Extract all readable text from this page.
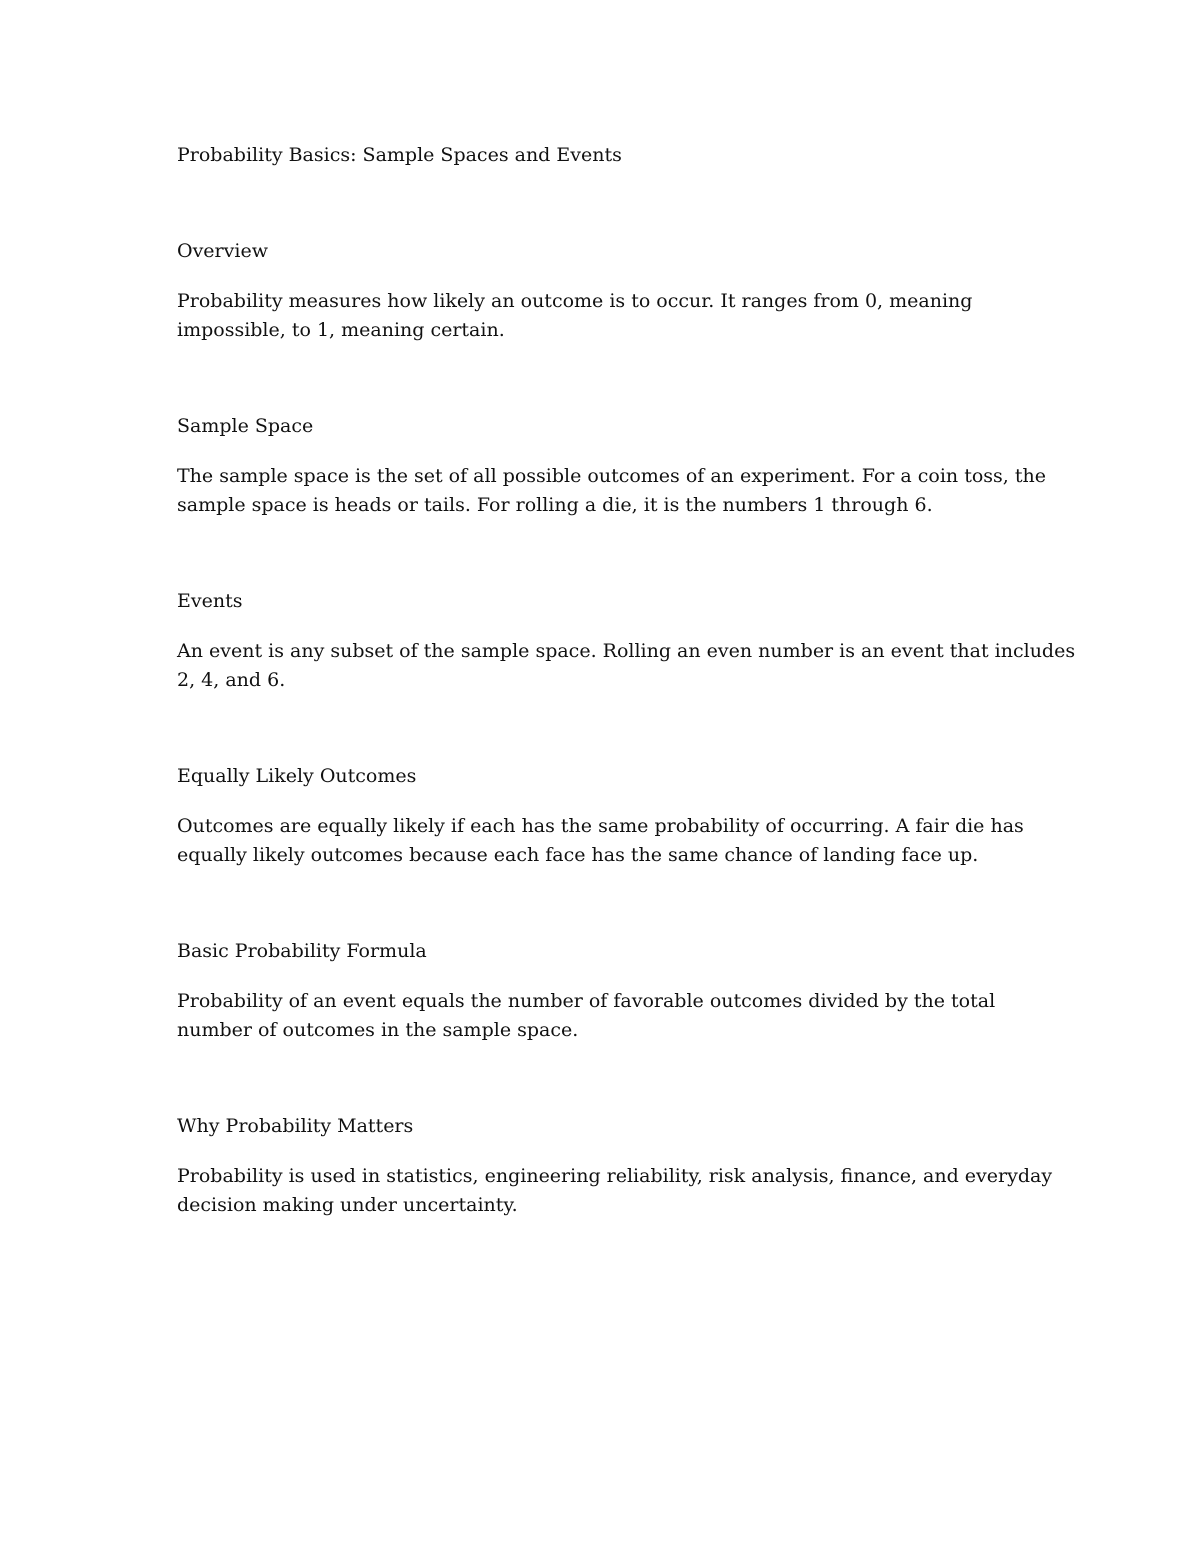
Probability Basics: Sample Spaces and Events
Overview

Probability measures how likely an outcome is to occur. It ranges from 0, meaning
impossible, to 1, meaning certain.

Sample Space

The sample space is the set of all possible outcomes of an experiment. For a coin toss, the
sample space is heads or tails. For rolling a die, it is the numbers 1 through 6.

Events

An event is any subset of the sample space. Rolling an even number is an event that includes
2, 4, and 6.

Equally Likely Outcomes

Outcomes are equally likely if each has the same probability of occurring. A fair die has
equally likely outcomes because each face has the same chance of landing face up.

Basic Probability Formula

Probability of an event equals the number of favorable outcomes divided by the total
number of outcomes in the sample space.

Why Probability Matters

Probability is used in statistics, engineering reliability, risk analysis, finance, and everyday
decision making under uncertainty.
